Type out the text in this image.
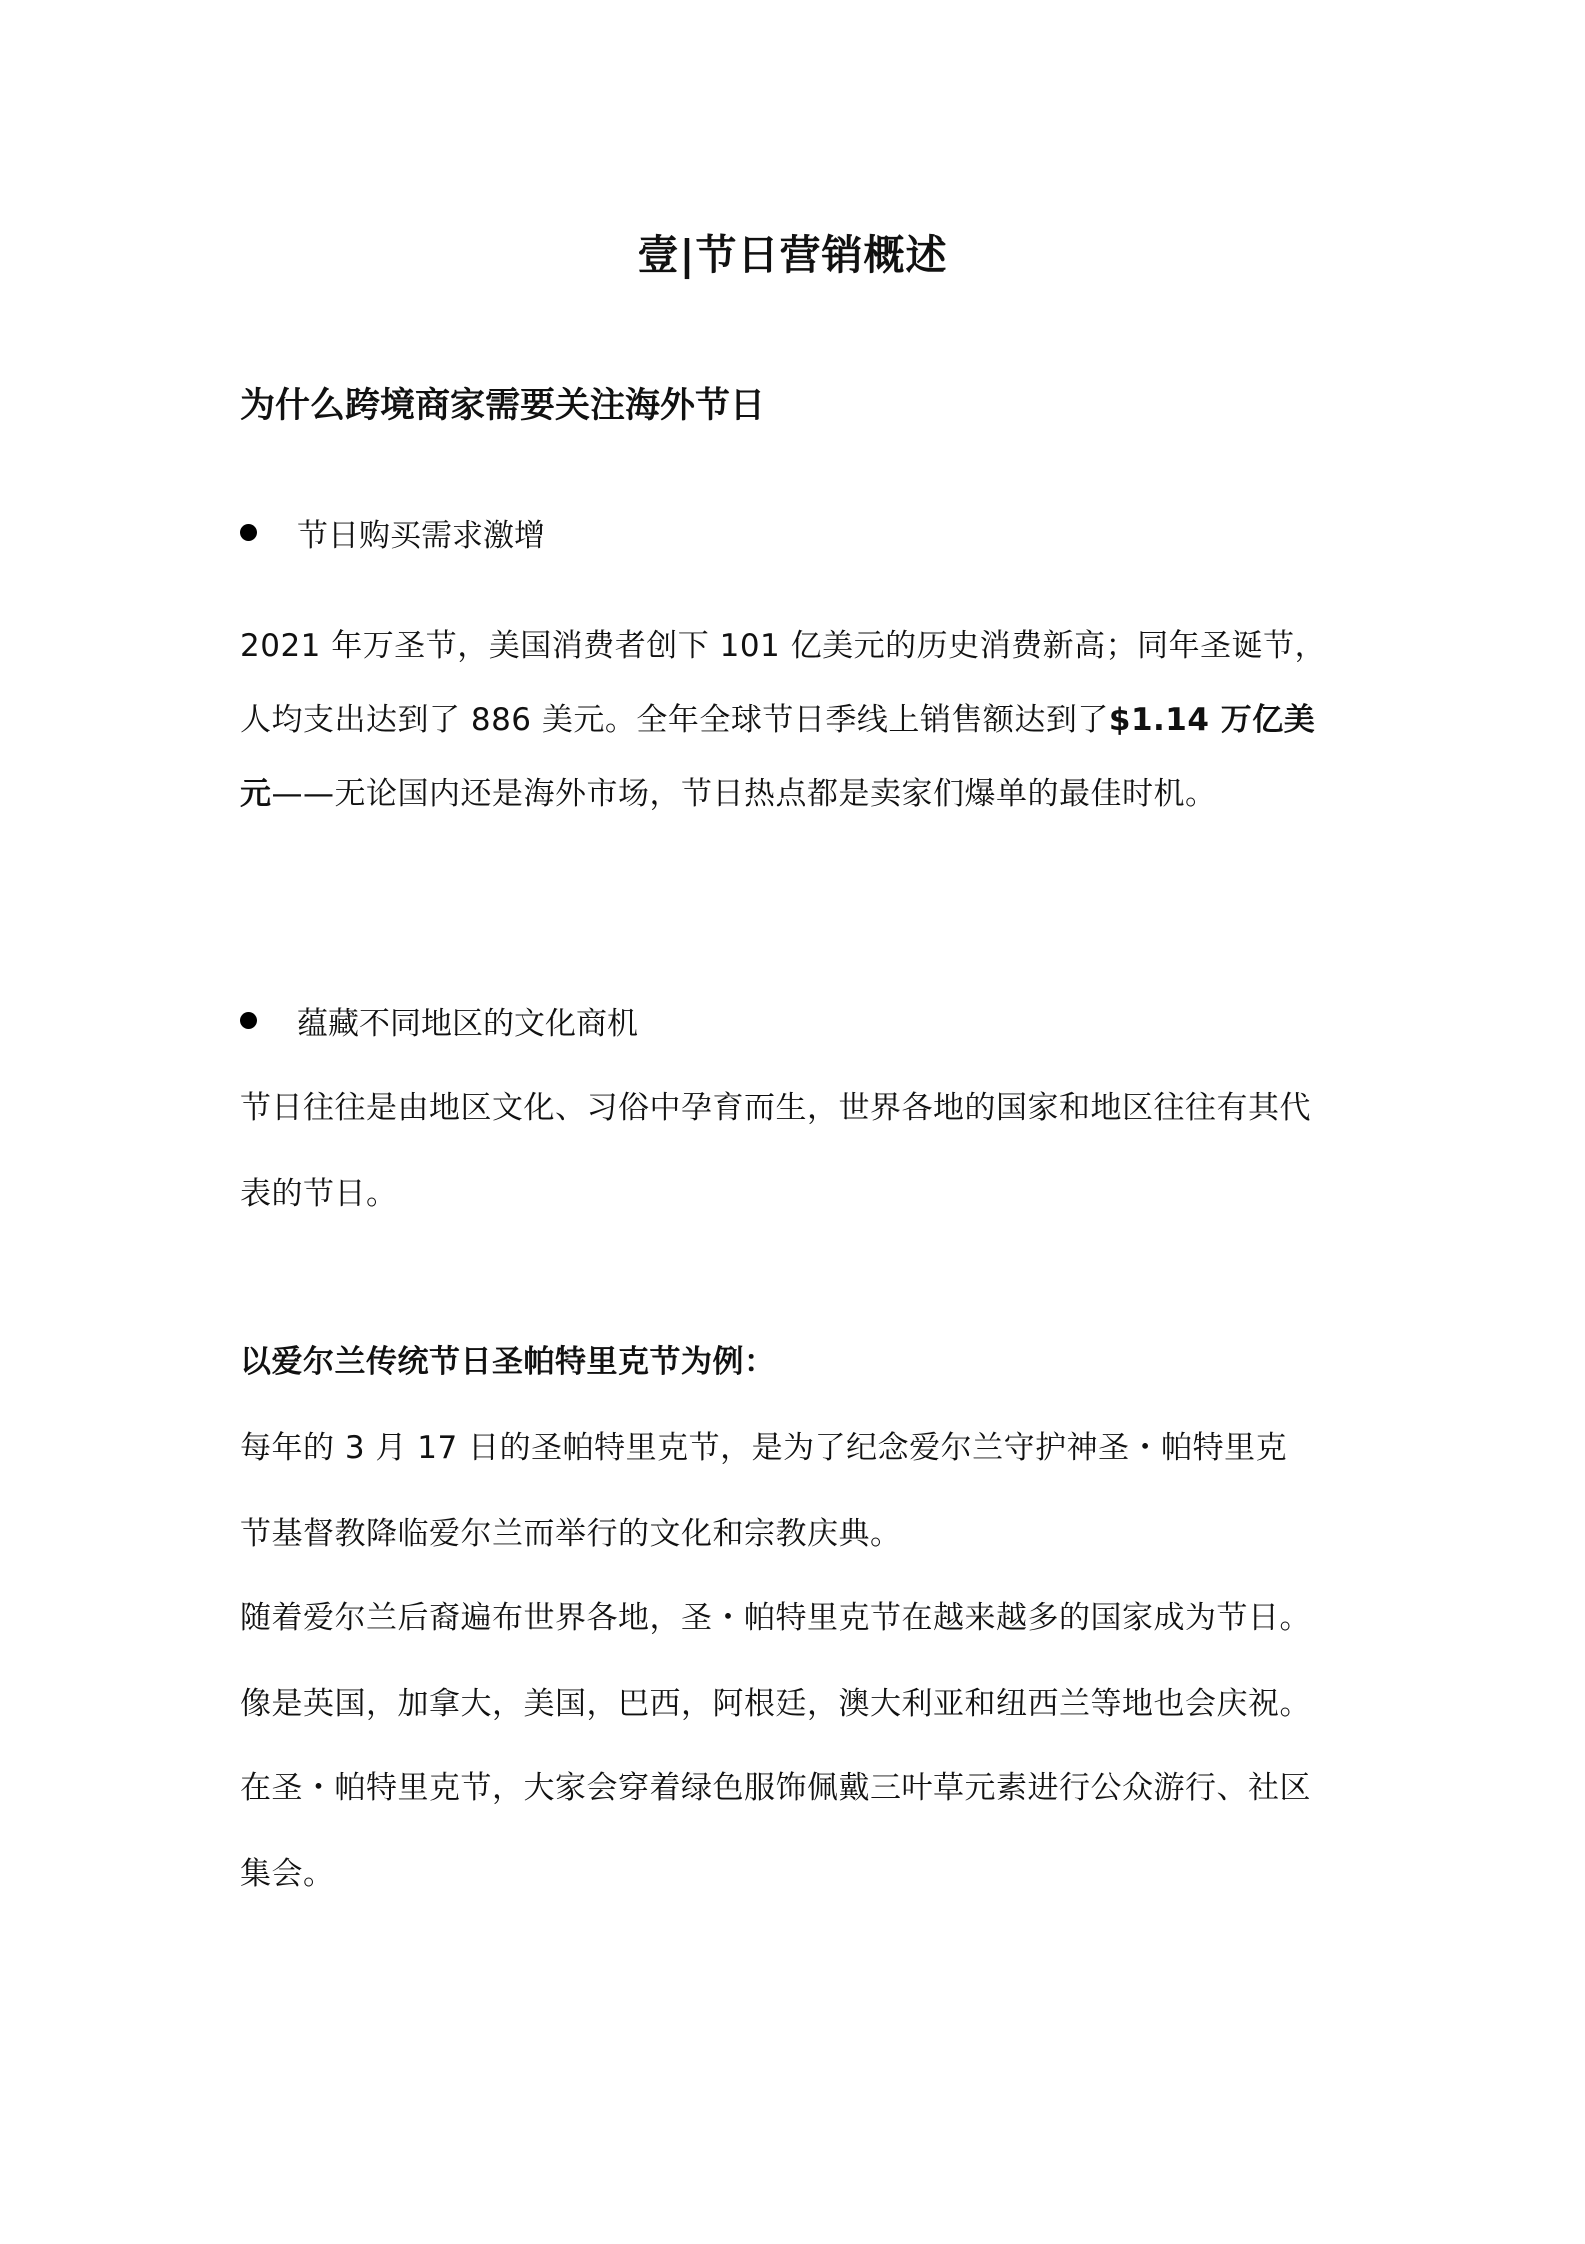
壹|节日营销概述
为什么跨境商家需要关注海外节日
节日购买需求激增
2021 年万圣节，美国消费者创下 101 亿美元的历史消费新高；同年圣诞节，
人均支出达到了 886 美元。全年全球节日季线上销售额达到了$1.14 万亿美
元——无论国内还是海外市场，节日热点都是卖家们爆单的最佳时机。
蕴藏不同地区的文化商机
节日往往是由地区文化、习俗中孕育而生，世界各地的国家和地区往往有其代
表的节日。
以爱尔兰传统节日圣帕特里克节为例：
每年的 3 月 17 日的圣帕特里克节，是为了纪念爱尔兰守护神圣・帕特里克
节基督教降临爱尔兰而举行的文化和宗教庆典。
随着爱尔兰后裔遍布世界各地，圣・帕特里克节在越来越多的国家成为节日。
像是英国，加拿大，美国，巴西，阿根廷，澳大利亚和纽西兰等地也会庆祝。
在圣・帕特里克节，大家会穿着绿色服饰佩戴三叶草元素进行公众游行、社区
集会。
